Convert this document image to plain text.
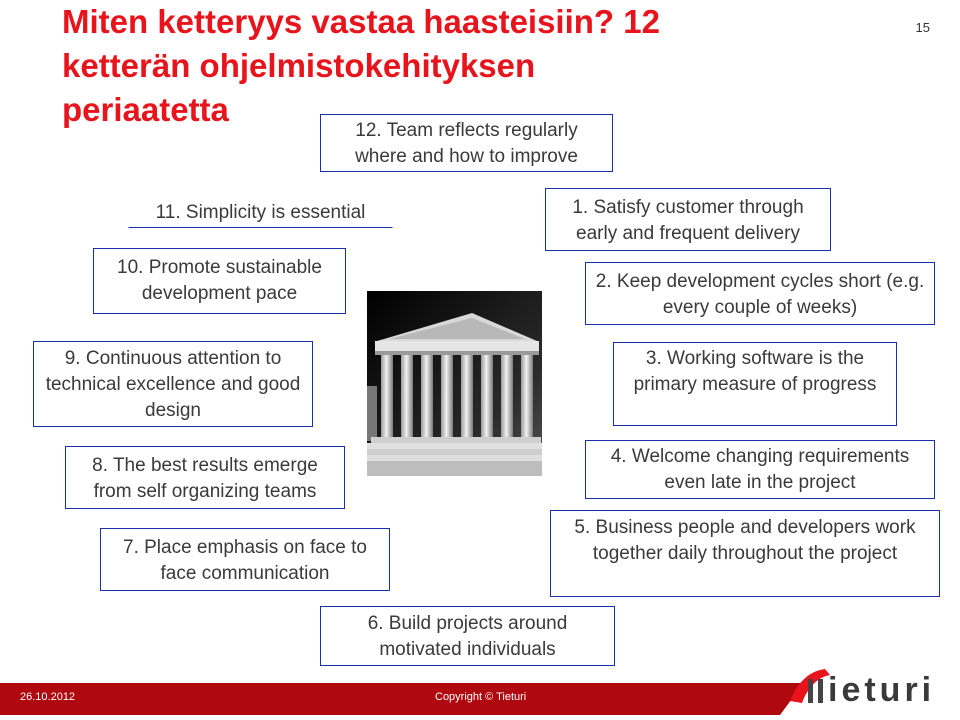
Miten ketteryys vastaa haasteisiin? 12 ketterän ohjelmistokehityksen periaatetta
15
12. Team reflects regularly where and how to improve
11. Simplicity is essential
10. Promote sustainable development pace
9. Continuous attention to technical excellence and good design
8. The best results emerge from self organizing teams
7. Place emphasis on face to face communication
6. Build projects around motivated individuals
1. Satisfy customer through early and frequent delivery
2. Keep development cycles short (e.g. every couple of weeks)
3. Working software is the primary measure of progress
4. Welcome changing requirements even late in the project
5. Business people and developers work together daily throughout the project
26.10.2012	Copyright © Tieturi	ieturi
